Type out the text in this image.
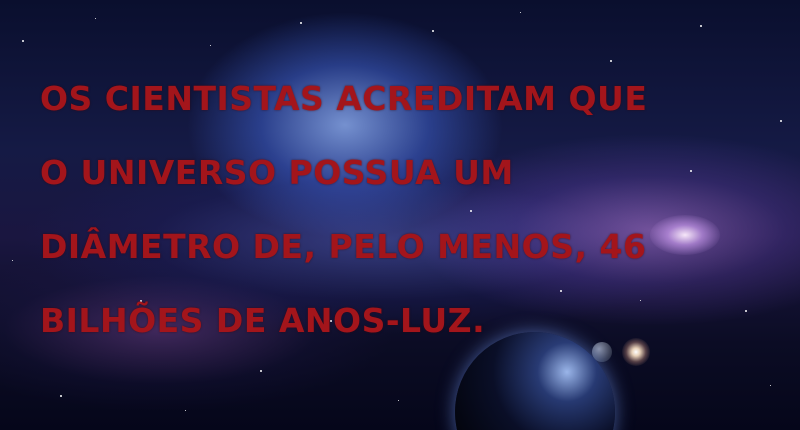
OS CIENTISTAS ACREDITAM QUE
O UNIVERSO POSSUA UM
DIÂMETRO DE, PELO MENOS, 46
BILHÕES DE ANOS-LUZ.
